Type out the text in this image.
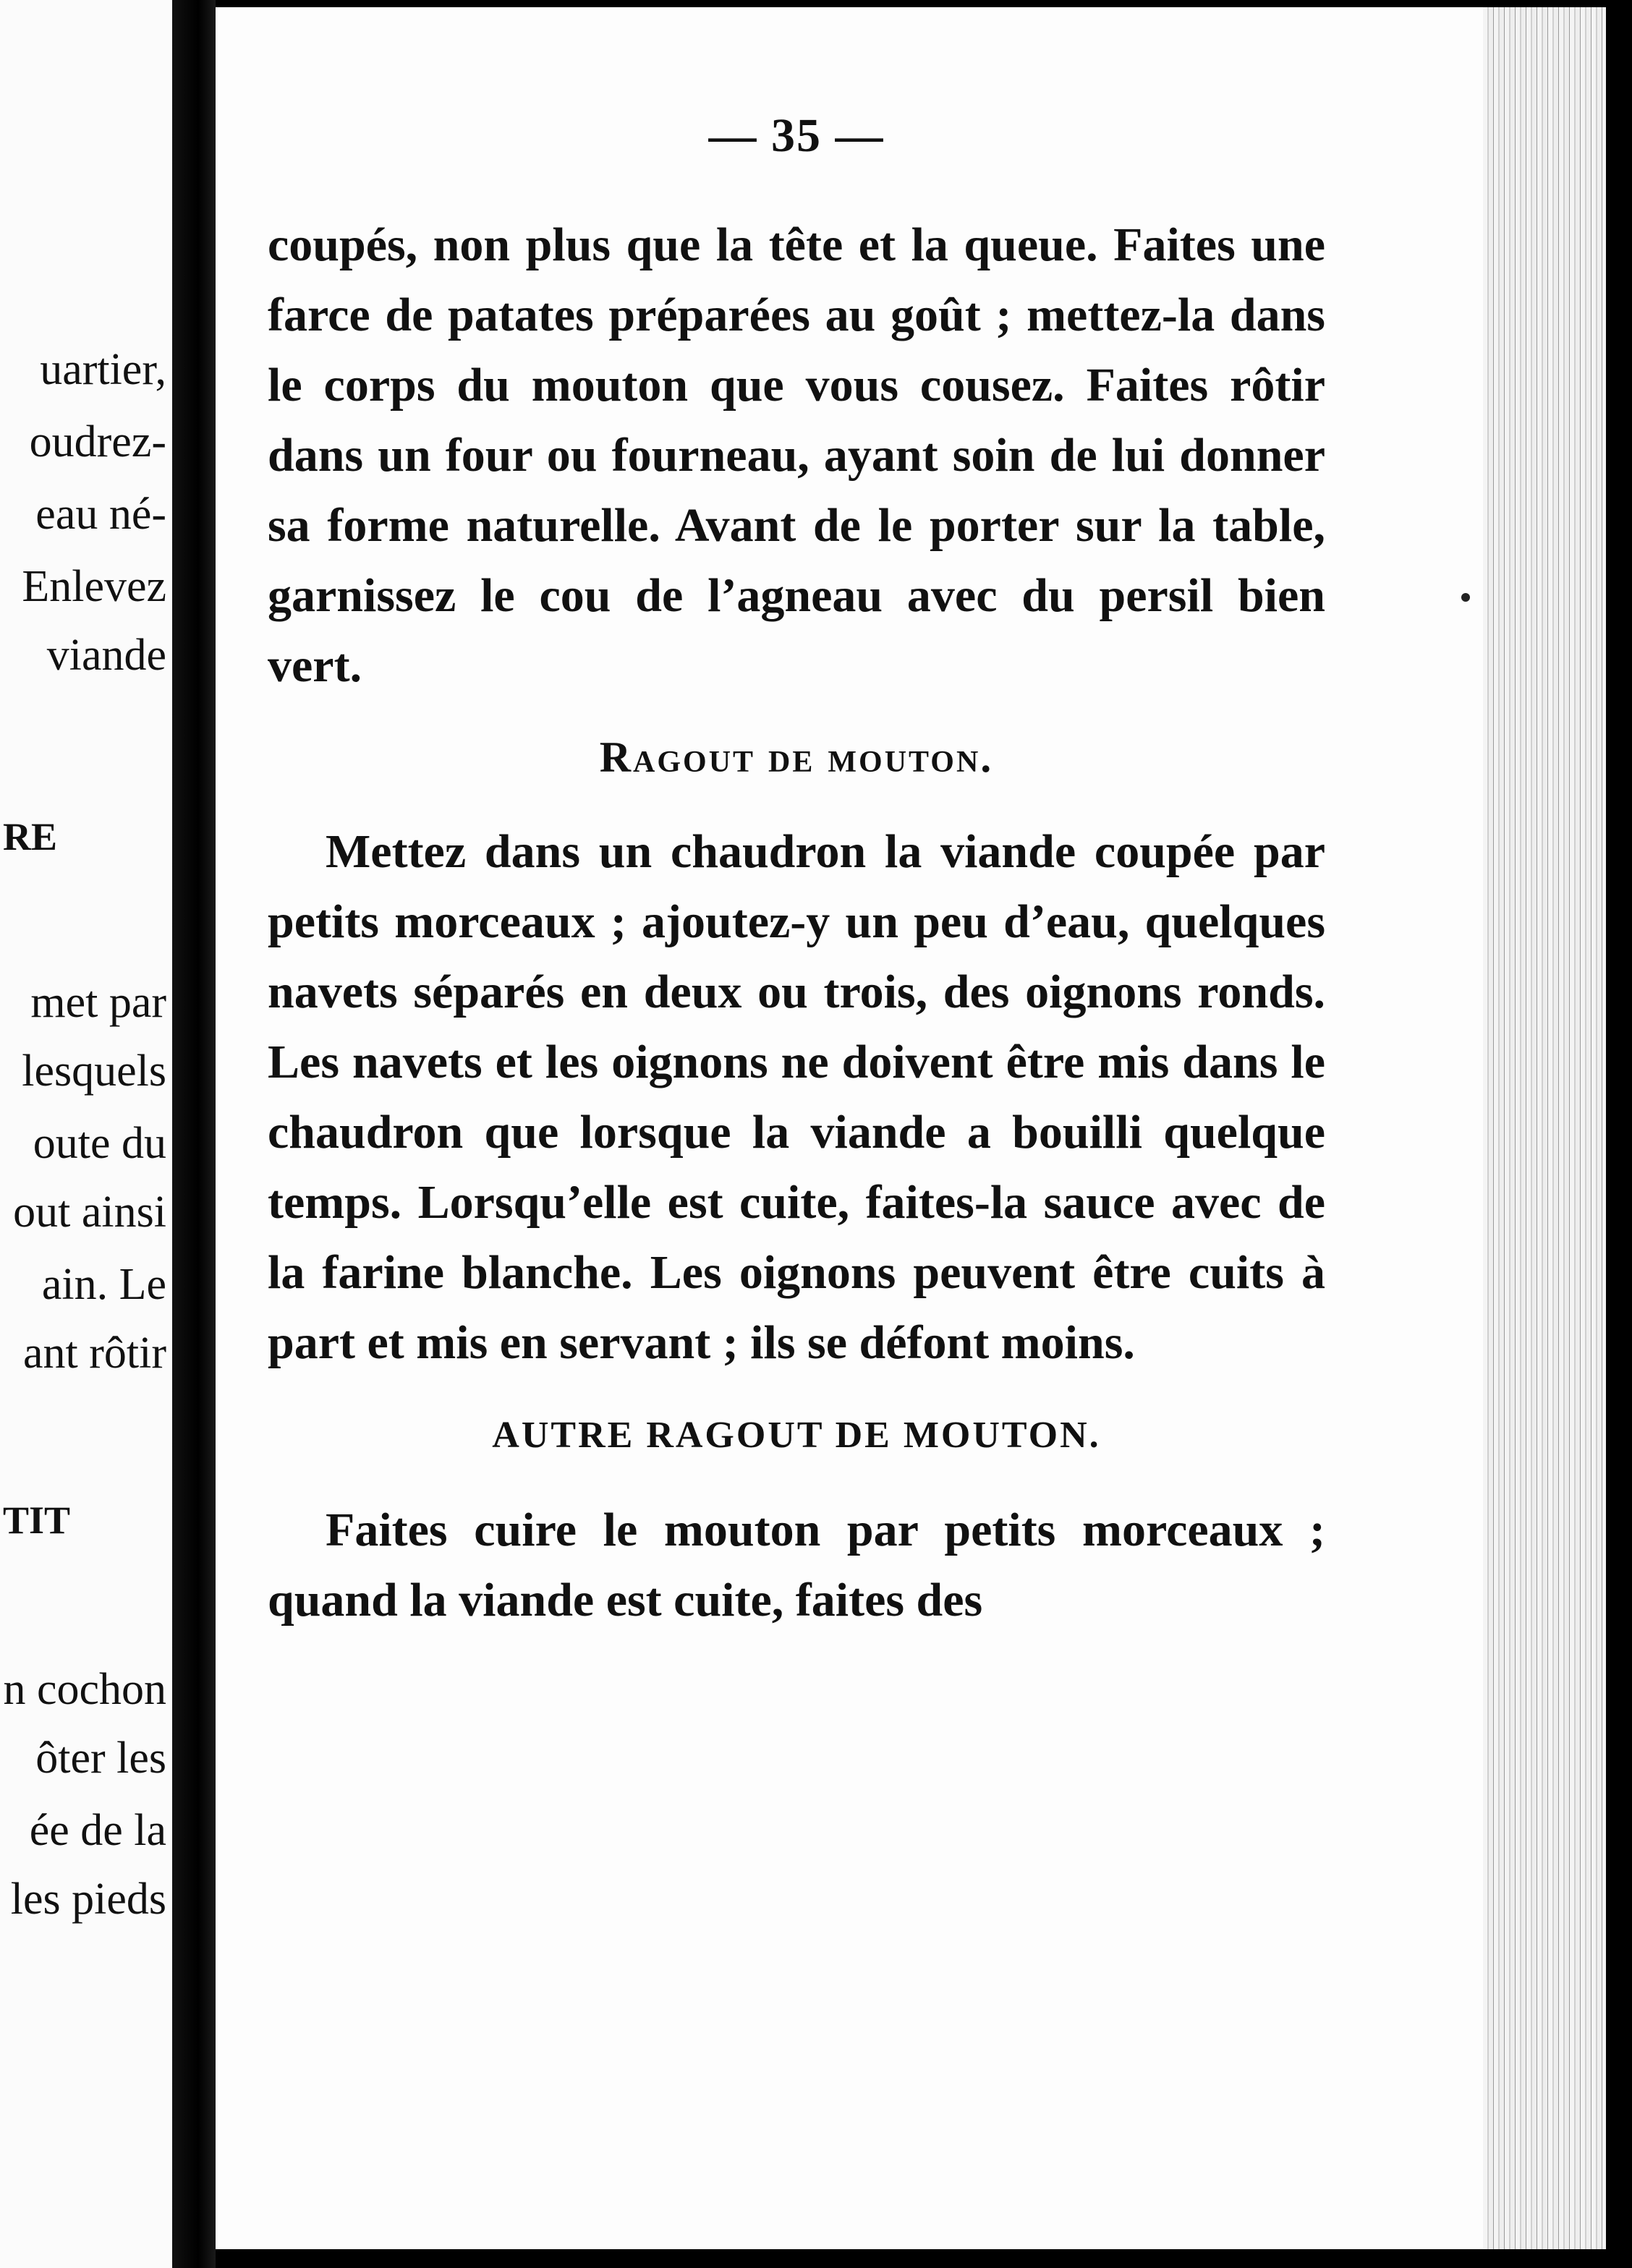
uartier,
oudrez-
eau né-
Enlevez
viande
RE
met par
lesquels
oute du
out ainsi
ain. Le
ant rôtir
TIT
n cochon
ôter les
ée de la
les pieds
— 35 —

coupés, non plus que la tête et la queue. Faites une farce de patates préparées au goût ; mettez-la dans le corps du mouton que vous cousez. Faites rôtir dans un four ou fourneau, ayant soin de lui donner sa forme naturelle. Avant de le porter sur la table, garnissez le cou de l’agneau avec du persil bien vert.

Ragout de mouton.

Mettez dans un chaudron la viande coupée par petits morceaux ; ajoutez-y un peu d’eau, quelques navets séparés en deux ou trois, des oignons ronds. Les navets et les oignons ne doivent être mis dans le chaudron que lorsque la viande a bouilli quelque temps. Lorsqu’elle est cuite, faites-la sauce avec de la farine blanche. Les oignons peuvent être cuits à part et mis en servant ; ils se défont moins.

AUTRE RAGOUT DE MOUTON.

Faites cuire le mouton par petits morceaux ; quand la viande est cuite, faites des
